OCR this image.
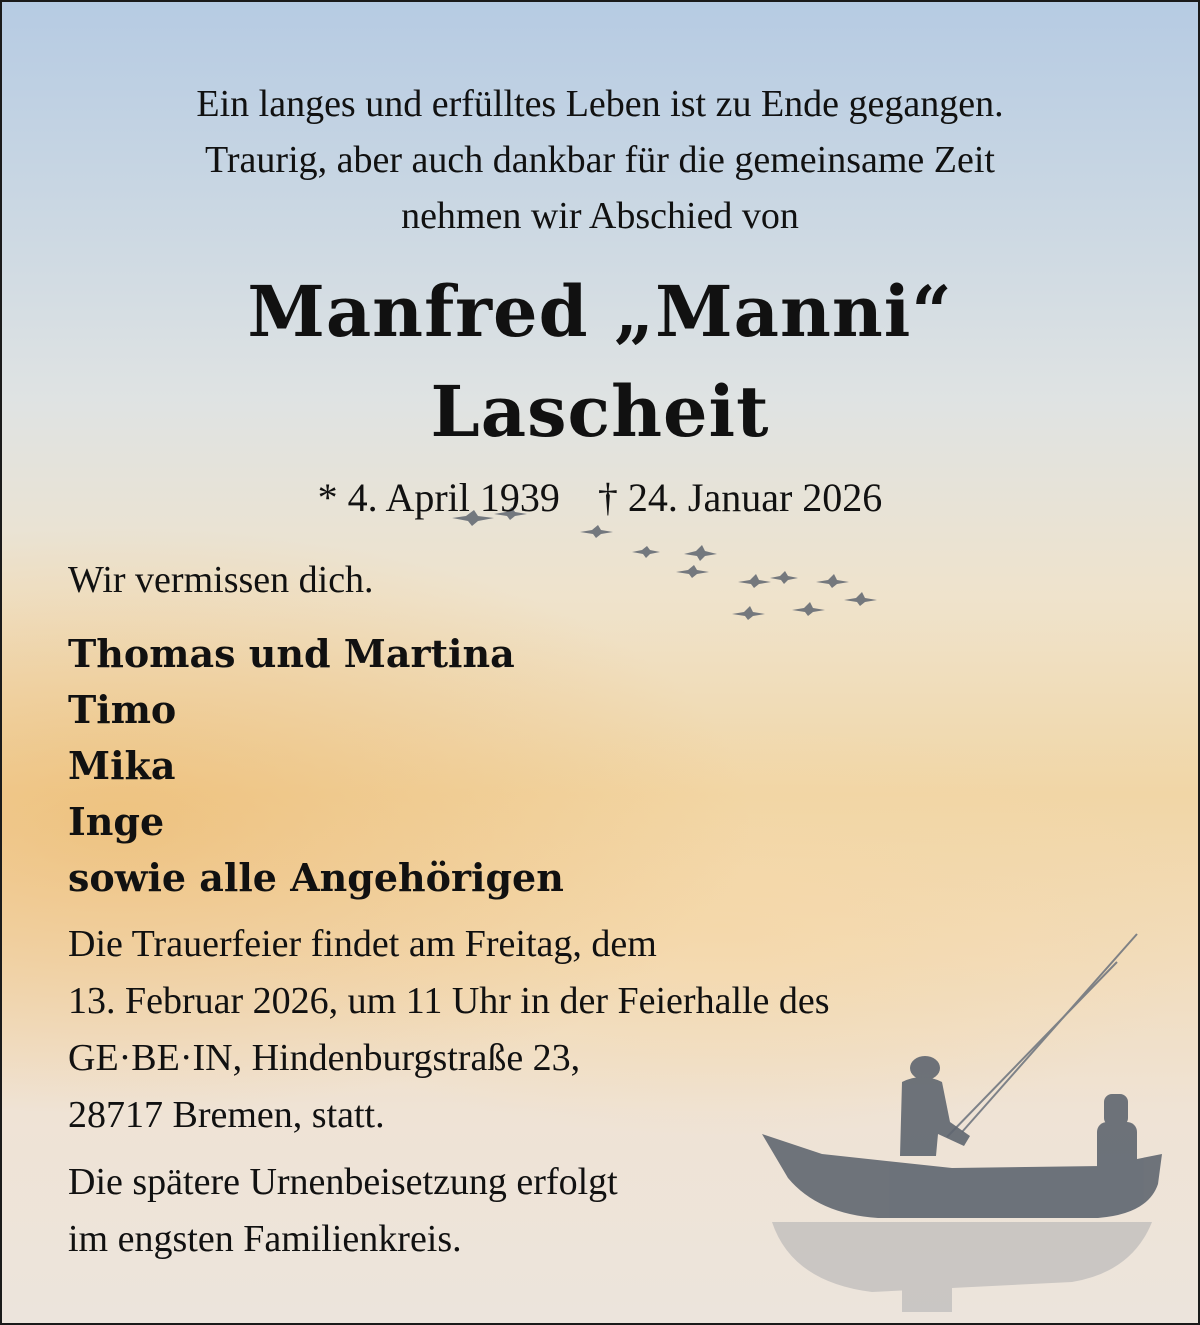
Ein langes und erfülltes Leben ist zu Ende gegangen.
Traurig, aber auch dankbar für die gemeinsame Zeit
nehmen wir Abschied von
Manfred „Manni“
Lascheit
* 4. April 1939 † 24. Januar 2026
Wir vermissen dich.
Thomas und Martina
Timo
Mika
Inge
sowie alle Angehörigen
Die Trauerfeier findet am Freitag, dem
13. Februar 2026, um 11 Uhr in der Feierhalle des
GE·BE·IN, Hindenburgstraße 23,
28717 Bremen, statt.
Die spätere Urnenbeisetzung erfolgt
im engsten Familienkreis.
